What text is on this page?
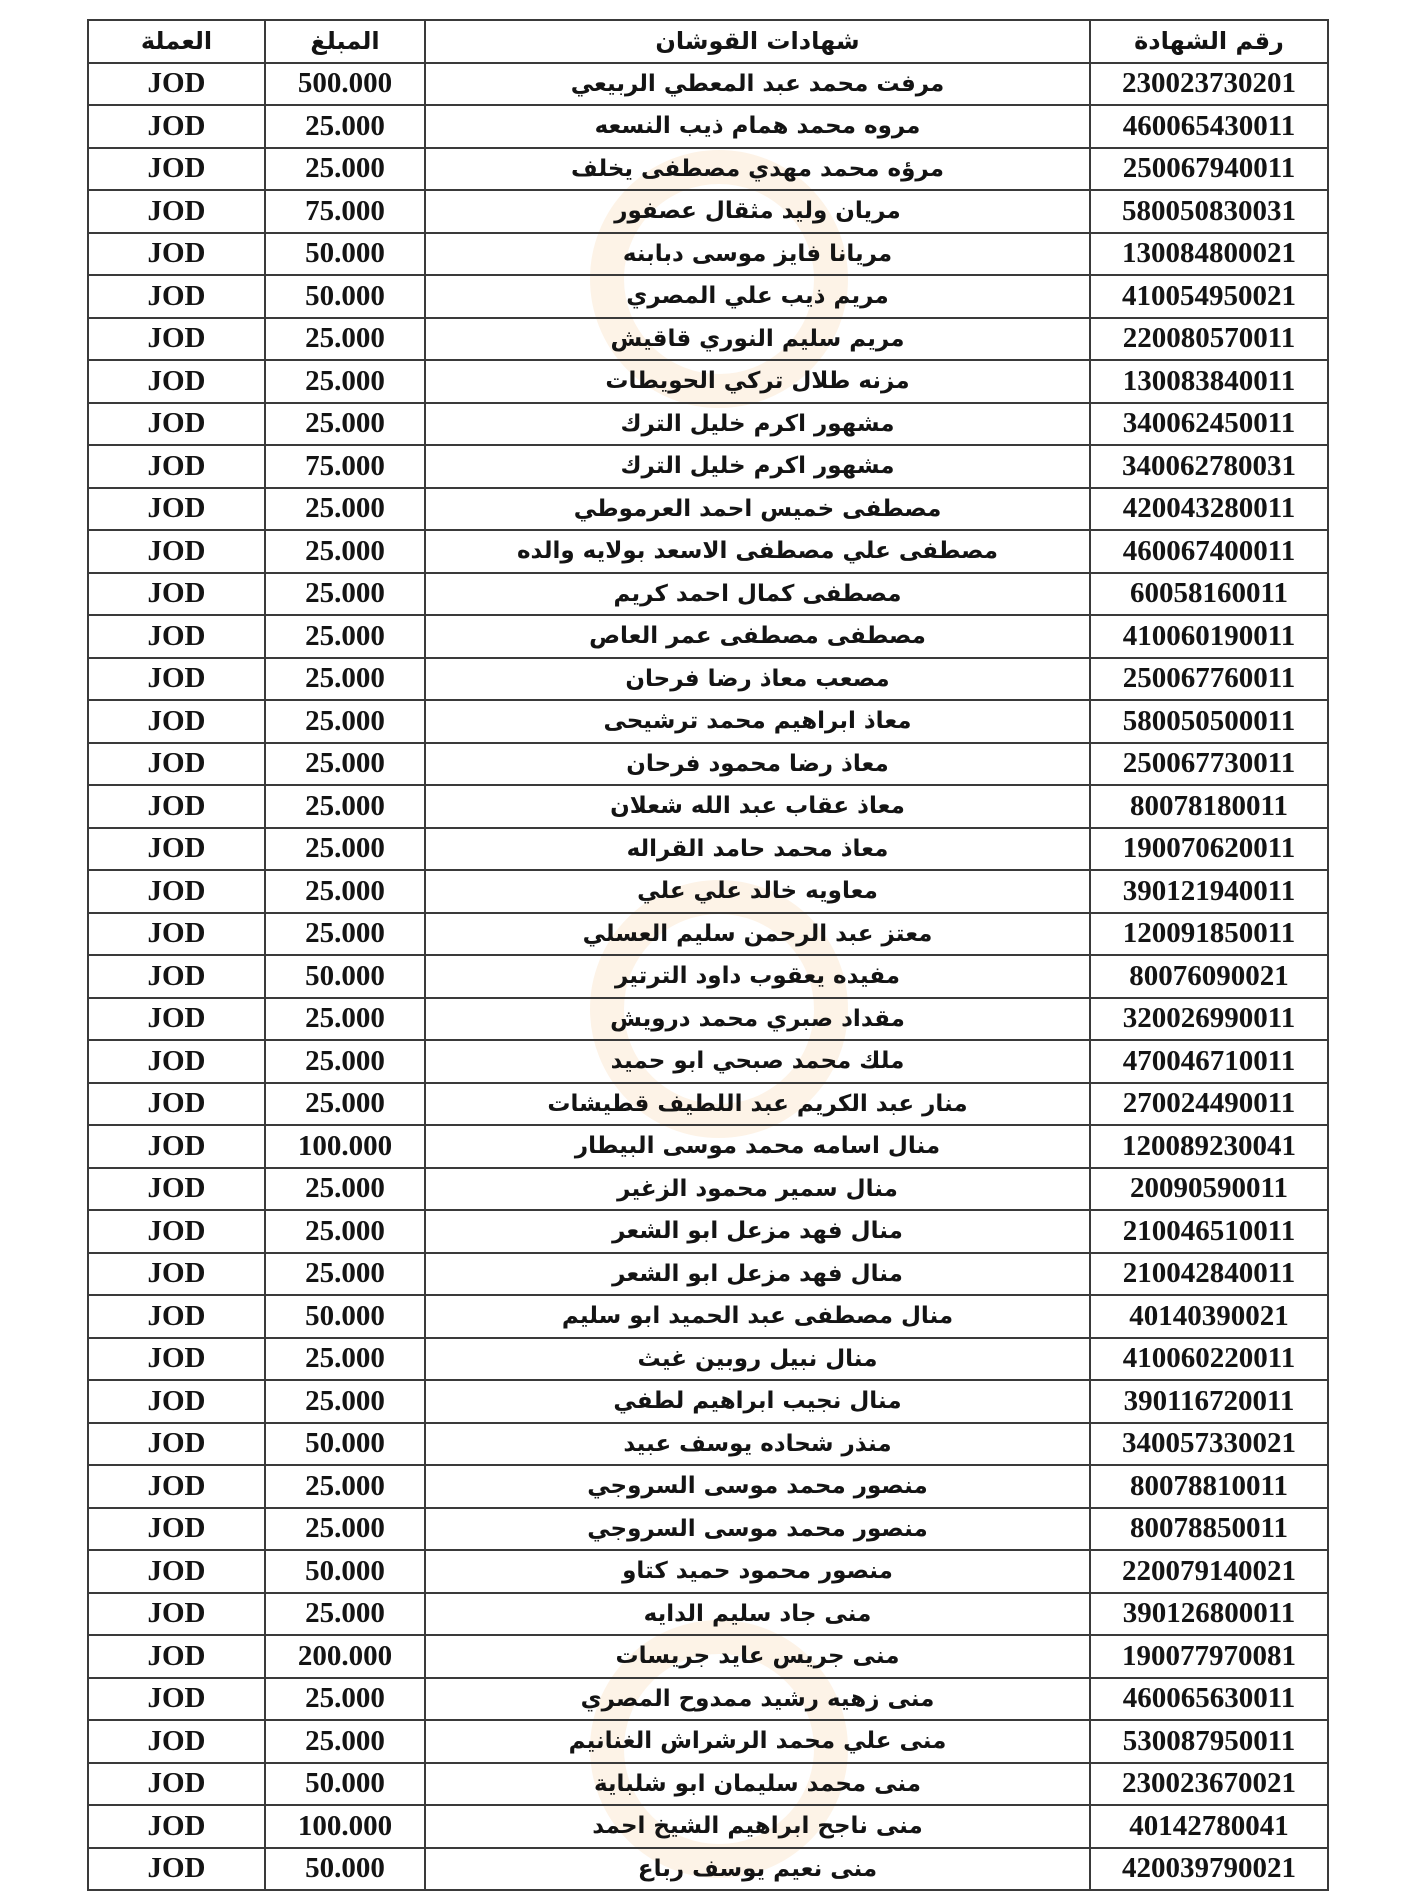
العملة	المبلغ	شهادات القوشان	رقم الشهادة
JOD	500.000	مرفت محمد عبد المعطي الربيعي	230023730201
JOD	25.000	مروه محمد همام ذيب النسعه	460065430011
JOD	25.000	مرؤه محمد مهدي مصطفى يخلف	250067940011
JOD	75.000	مريان وليد مثقال عصفور	580050830031
JOD	50.000	مريانا فايز موسى دبابنه	130084800021
JOD	50.000	مريم ذيب علي المصري	410054950021
JOD	25.000	مريم سليم النوري قاقيش	220080570011
JOD	25.000	مزنه طلال تركي الحويطات	130083840011
JOD	25.000	مشهور اكرم خليل الترك	340062450011
JOD	75.000	مشهور اكرم خليل الترك	340062780031
JOD	25.000	مصطفى خميس احمد العرموطي	420043280011
JOD	25.000	مصطفى علي مصطفى الاسعد بولايه والده	460067400011
JOD	25.000	مصطفى كمال احمد كريم	60058160011
JOD	25.000	مصطفى مصطفى عمر العاص	410060190011
JOD	25.000	مصعب معاذ رضا فرحان	250067760011
JOD	25.000	معاذ ابراهيم محمد ترشيحى	580050500011
JOD	25.000	معاذ رضا محمود فرحان	250067730011
JOD	25.000	معاذ عقاب عبد الله شعلان	80078180011
JOD	25.000	معاذ محمد حامد القراله	190070620011
JOD	25.000	معاويه خالد علي علي	390121940011
JOD	25.000	معتز عبد الرحمن سليم العسلي	120091850011
JOD	50.000	مفيده يعقوب داود الترتير	80076090021
JOD	25.000	مقداد صبري محمد درويش	320026990011
JOD	25.000	ملك محمد صبحي ابو حميد	470046710011
JOD	25.000	منار عبد الكريم عبد اللطيف قطيشات	270024490011
JOD	100.000	منال اسامه محمد موسى البيطار	120089230041
JOD	25.000	منال سمير محمود الزغير	20090590011
JOD	25.000	منال فهد مزعل ابو الشعر	210046510011
JOD	25.000	منال فهد مزعل ابو الشعر	210042840011
JOD	50.000	منال مصطفى عبد الحميد ابو سليم	40140390021
JOD	25.000	منال نبيل روبين غيث	410060220011
JOD	25.000	منال نجيب ابراهيم لطفي	390116720011
JOD	50.000	منذر شحاده يوسف عبيد	340057330021
JOD	25.000	منصور محمد موسى السروجي	80078810011
JOD	25.000	منصور محمد موسى السروجي	80078850011
JOD	50.000	منصور محمود حميد كتاو	220079140021
JOD	25.000	منى جاد سليم الدايه	390126800011
JOD	200.000	منى جريس عايد جريسات	190077970081
JOD	25.000	منى زهيه رشيد ممدوح المصري	460065630011
JOD	25.000	منى علي محمد الرشراش الغنانيم	530087950011
JOD	50.000	منى محمد سليمان ابو شلباية	230023670021
JOD	100.000	منى ناجح ابراهيم الشيخ احمد	40142780041
JOD	50.000	منى نعيم يوسف رباع	420039790021
